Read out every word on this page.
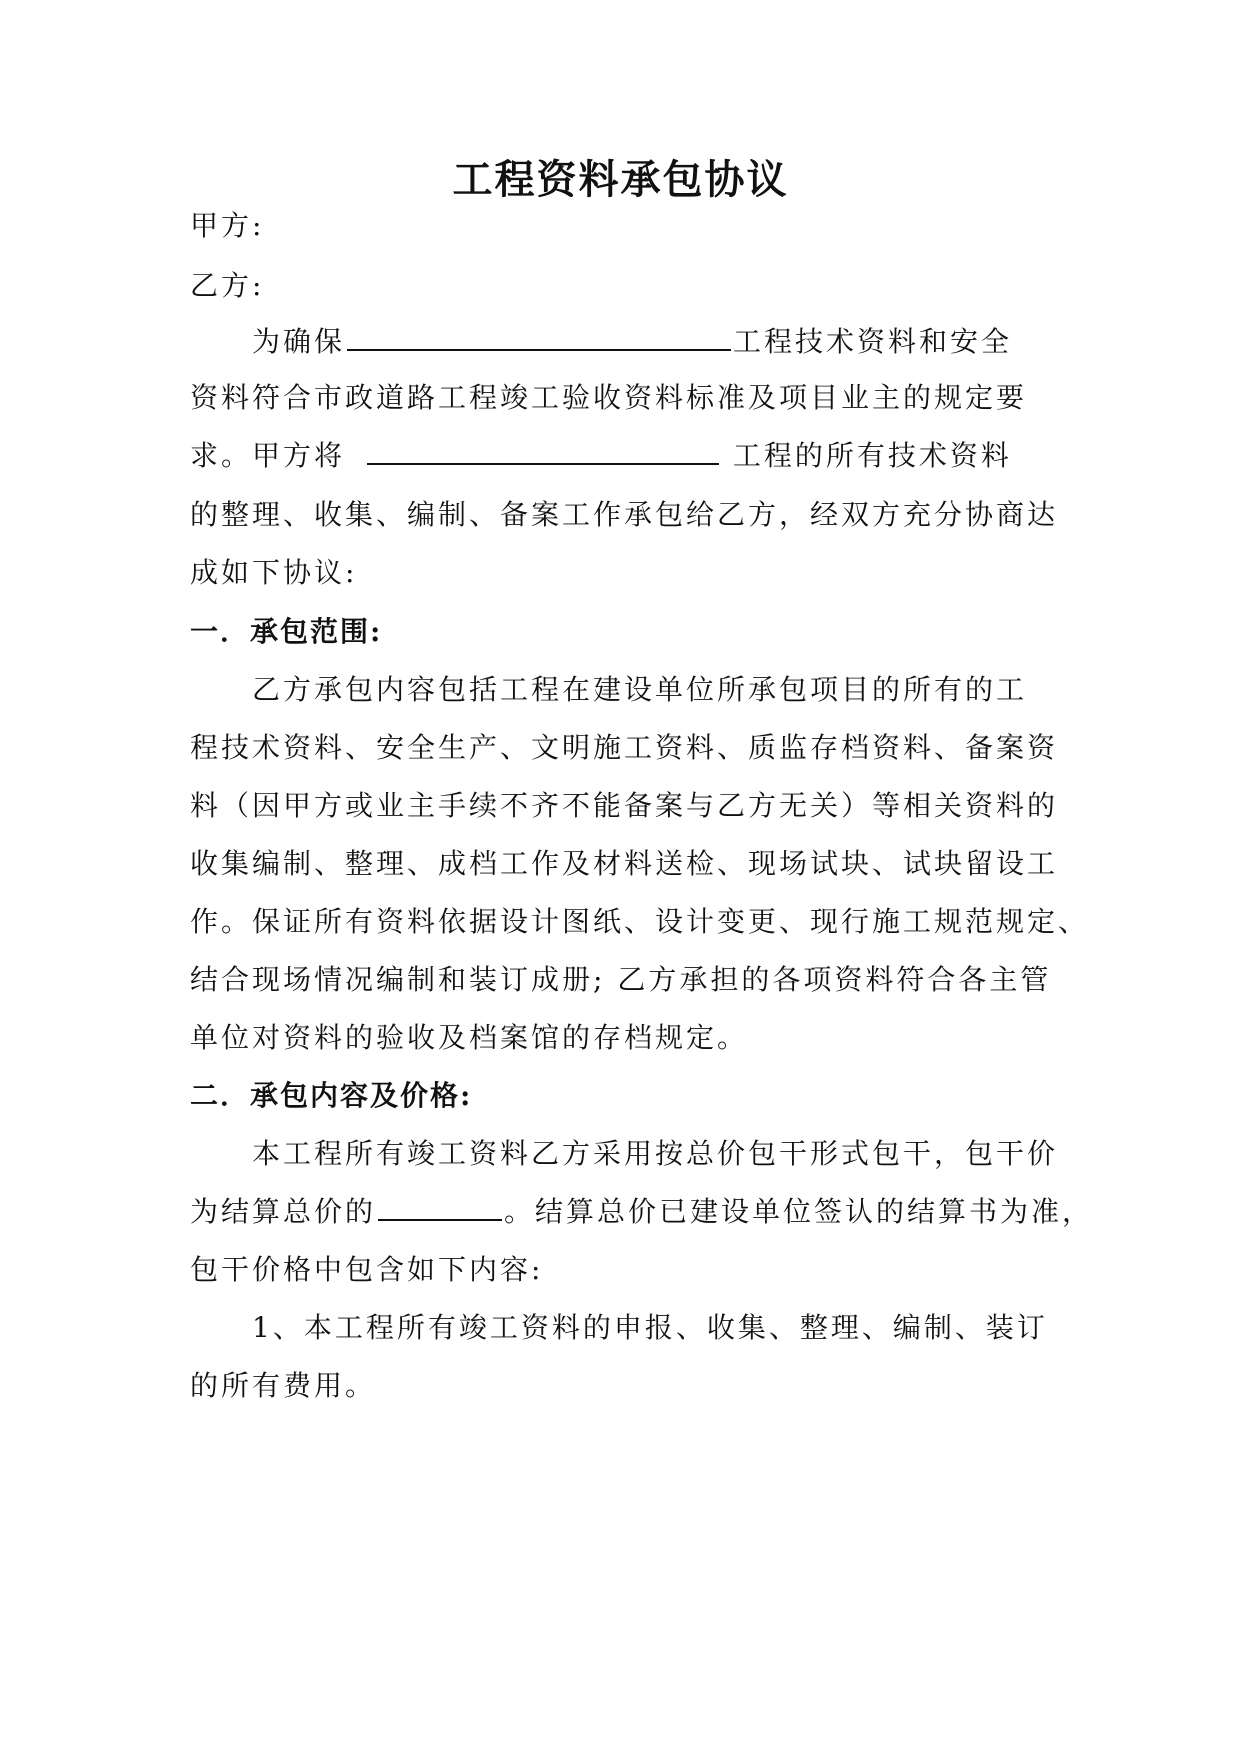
工程资料承包协议
甲方:
乙方:
为确保	工程技术资料和安全
资料符合市政道路工程竣工验收资料标准及项目业主的规定要
求。甲方将	工程的所有技术资料
的整理、收集、编制、备案工作承包给乙方，经双方充分协商达
成如下协议:
一．承包范围:
乙方承包内容包括工程在建设单位所承包项目的所有的工
程技术资料、安全生产、文明施工资料、质监存档资料、备案资
料（因甲方或业主手续不齐不能备案与乙方无关）等相关资料的
收集编制、整理、成档工作及材料送检、现场试块、试块留设工
作。保证所有资料依据设计图纸、设计变更、现行施工规范规定、
结合现场情况编制和装订成册; 乙方承担的各项资料符合各主管
单位对资料的验收及档案馆的存档规定。
二．承包内容及价格:
本工程所有竣工资料乙方采用按总价包干形式包干，包干价
为结算总价的	。结算总价已建设单位签认的结算书为准，
包干价格中包含如下内容:
1、本工程所有竣工资料的申报、收集、整理、编制、装订
的所有费用。
